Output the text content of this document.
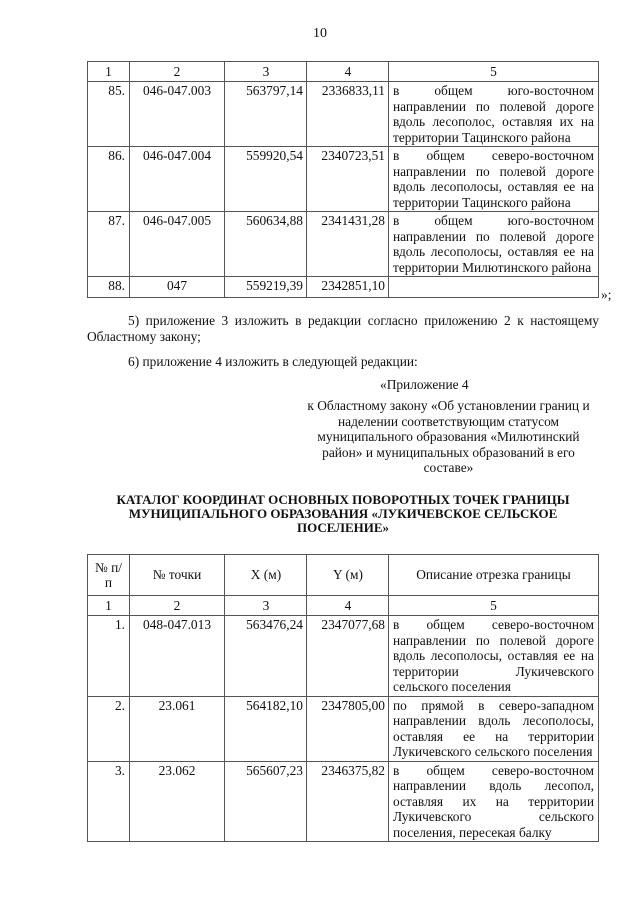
10
1	2	3	4	5
85.	046-047.003	563797,14	2336833,11	в общем юго-восточном направлении по полевой дороге вдоль лесополос, оставляя их на территории Тацинского района
86.	046-047.004	559920,54	2340723,51	в общем северо-восточном направлении по полевой дороге вдоль лесополосы, оставляя ее на территории Тацинского района
87.	046-047.005	560634,88	2341431,28	в общем юго-восточном направлении по полевой дороге вдоль лесополосы, оставляя ее на территории Милютинского района
88.	047	559219,39	2342851,10	
»;
5) приложение 3 изложить в редакции согласно приложению 2 к настоящему Областному закону;
6) приложение 4 изложить в следующей редакции:
«Приложение 4
к Областному закону «Об установлении границ и наделении соответствующим статусом муниципального образования «Милютинский район» и муниципальных образований в его составе»
КАТАЛОГ КООРДИНАТ ОСНОВНЫХ ПОВОРОТНЫХ ТОЧЕК ГРАНИЦЫ МУНИЦИПАЛЬНОГО ОБРАЗОВАНИЯ «ЛУКИЧЕВСКОЕ СЕЛЬСКОЕ ПОСЕЛЕНИЕ»
№ п/п	№ точки	X (м)	Y (м)	Описание отрезка границы
1	2	3	4	5
1.	048-047.013	563476,24	2347077,68	в общем северо-восточном направлении по полевой дороге вдоль лесополосы, оставляя ее на территории Лукичевского сельского поселения
2.	23.061	564182,10	2347805,00	по прямой в северо-западном направлении вдоль лесополосы, оставляя ее на территории Лукичевского сельского поселения
3.	23.062	565607,23	2346375,82	в общем северо-восточном направлении вдоль лесопол, оставляя их на территории Лукичевского сельского поселения, пересекая балку
